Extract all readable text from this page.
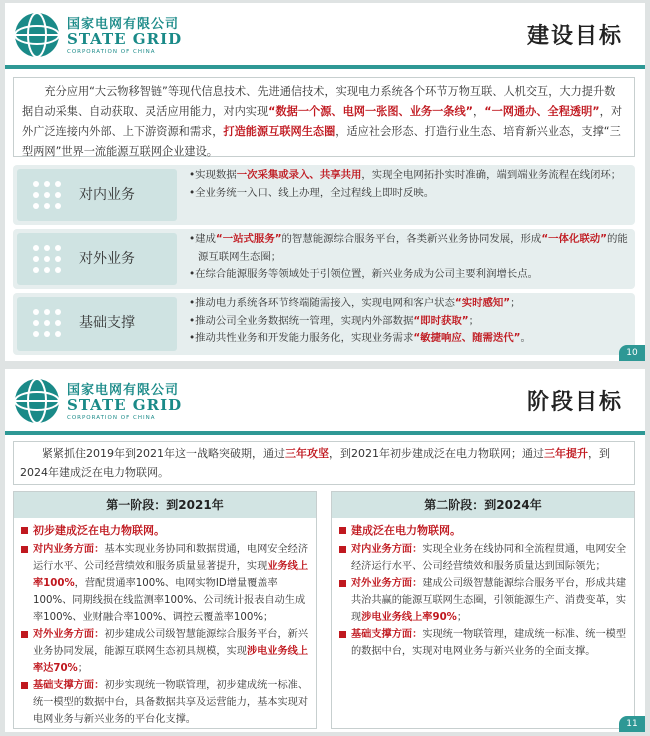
国家电网有限公司
STATE GRID
CORPORATION OF CHINA
建设目标
充分应用“大云物移智链”等现代信息技术、先进通信技术，实现电力系统各个环节万物互联、人机交互，大力提升数据自动采集、自动获取、灵活应用能力，对内实现“数据一个源、电网一张图、业务一条线”，“一网通办、全程透明”，对外广泛连接内外部、上下游资源和需求，打造能源互联网生态圈，适应社会形态、打造行业生态、培育新兴业态，支撑“三型两网”世界一流能源互联网企业建设。
对内业务

•实现数据一次采集或录入、共享共用，实现全电网拓扑实时准确，端到端业务流程在线闭环；

•全业务统一入口、线上办理，全过程线上即时反映。

对外业务

•建成“一站式服务”的智慧能源综合服务平台，各类新兴业务协同发展，形成“一体化联动”的能源互联网生态圈；

•在综合能源服务等领域处于引领位置，新兴业务成为公司主要利润增长点。

基础支撑

•推动电力系统各环节终端随需接入，实现电网和客户状态“实时感知”；

•推动公司全业务数据统一管理，实现内外部数据“即时获取”；

•推动共性业务和开发能力服务化，实现业务需求“敏捷响应、随需迭代”。

10
国家电网有限公司
STATE GRID
CORPORATION OF CHINA
阶段目标
紧紧抓住2019年到2021年这一战略突破期，通过三年攻坚，到2021年初步建成泛在电力物联网；通过三年提升，到2024年建成泛在电力物联网。
第一阶段：到2021年

初步建成泛在电力物联网。

对内业务方面：基本实现业务协同和数据贯通，电网安全经济运行水平、公司经营绩效和服务质量显著提升，实现业务线上率100%，营配贯通率100%、电网实物ID增量覆盖率100%、同期线损在线监测率100%、公司统计报表自动生成率100%、业财融合率100%、调控云覆盖率100%；

对外业务方面：初步建成公司级智慧能源综合服务平台，新兴业务协同发展，能源互联网生态初具规模，实现涉电业务线上率达70%；

基础支撑方面：初步实现统一物联管理，初步建成统一标准、统一模型的数据中台，具备数据共享及运营能力，基本实现对电网业务与新兴业务的平台化支撑。

第二阶段：到2024年

建成泛在电力物联网。

对内业务方面：实现全业务在线协同和全流程贯通，电网安全经济运行水平、公司经营绩效和服务质量达到国际领先；

对外业务方面：建成公司级智慧能源综合服务平台，形成共建共治共赢的能源互联网生态圈，引领能源生产、消费变革，实现涉电业务线上率90%；

基础支撑方面：实现统一物联管理，建成统一标准、统一模型的数据中台，实现对电网业务与新兴业务的全面支撑。

11
